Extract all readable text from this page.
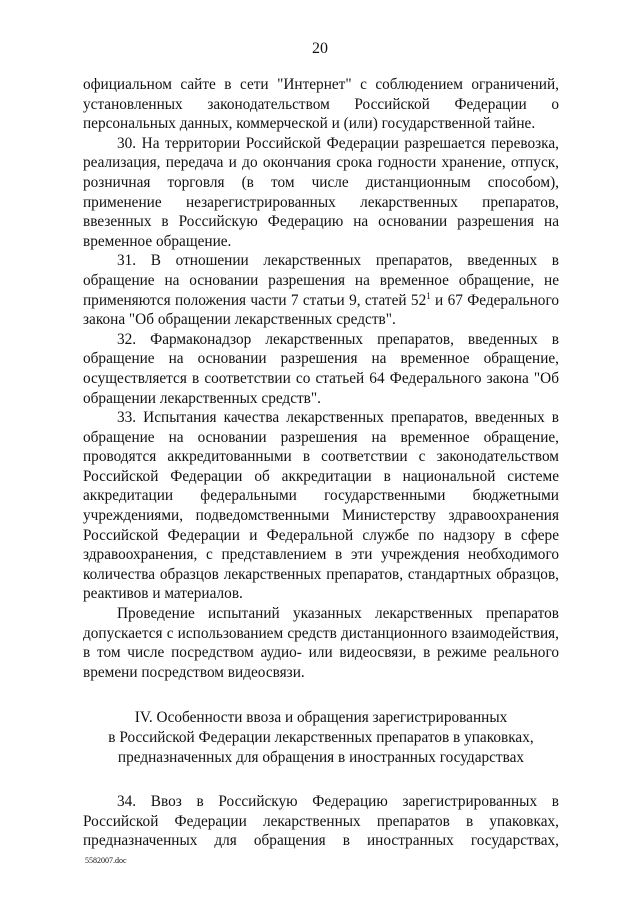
20

официальном сайте в сети "Интернет" с соблюдением ограничений, установленных законодательством Российской Федерации о персональных данных, коммерческой и (или) государственной тайне.

30. На территории Российской Федерации разрешается перевозка, реализация, передача и до окончания срока годности хранение, отпуск, розничная торговля (в том числе дистанционным способом), применение незарегистрированных лекарственных препаратов, ввезенных в Российскую Федерацию на основании разрешения на временное обращение.

31. В отношении лекарственных препаратов, введенных в обращение на основании разрешения на временное обращение, не применяются положения части 7 статьи 9, статей $52^1$ и 67 Федерального закона "Об обращении лекарственных средств".

32. Фармаконадзор лекарственных препаратов, введенных в обращение на основании разрешения на временное обращение, осуществляется в соответствии со статьей 64 Федерального закона "Об обращении лекарственных средств".

33. Испытания качества лекарственных препаратов, введенных в обращение на основании разрешения на временное обращение, проводятся аккредитованными в соответствии с законодательством Российской Федерации об аккредитации в национальной системе аккредитации федеральными государственными бюджетными учреждениями, подведомственными Министерству здравоохранения Российской Федерации и Федеральной службе по надзору в сфере здравоохранения, с представлением в эти учреждения необходимого количества образцов лекарственных препаратов, стандартных образцов, реактивов и материалов.

Проведение испытаний указанных лекарственных препаратов допускается с использованием средств дистанционного взаимодействия, в том числе посредством аудио- или видеосвязи, в режиме реального времени посредством видеосвязи.

IV. Особенности ввоза и обращения зарегистрированных
в Российской Федерации лекарственных препаратов в упаковках,
предназначенных для обращения в иностранных государствах

34. Ввоз в Российскую Федерацию зарегистрированных в Российской Федерации лекарственных препаратов в упаковках, предназначенных для обращения в иностранных государствах,

5582007.doc
